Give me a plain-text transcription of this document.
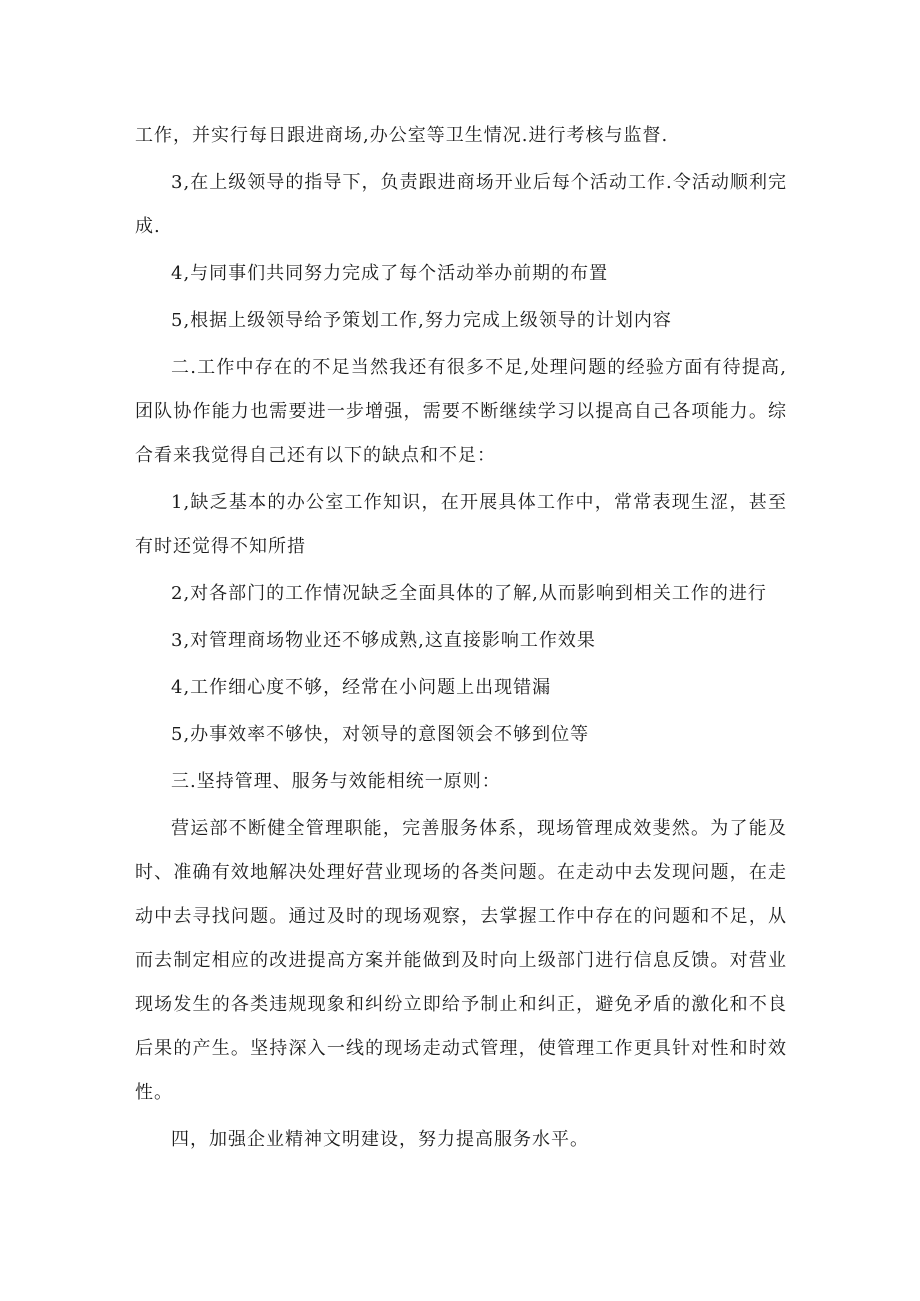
工作，并实行每日跟进商场,办公室等卫生情况.进行考核与监督.

3,在上级领导的指导下，负责跟进商场开业后每个活动工作.令活动顺利完成.

4,与同事们共同努力完成了每个活动举办前期的布置

5,根据上级领导给予策划工作,努力完成上级领导的计划内容

二.工作中存在的不足当然我还有很多不足,处理问题的经验方面有待提高,团队协作能力也需要进一步增强，需要不断继续学习以提高自己各项能力。综合看来我觉得自己还有以下的缺点和不足：

1,缺乏基本的办公室工作知识，在开展具体工作中，常常表现生涩，甚至有时还觉得不知所措

2,对各部门的工作情况缺乏全面具体的了解,从而影响到相关工作的进行

3,对管理商场物业还不够成熟,这直接影响工作效果

4,工作细心度不够，经常在小问题上出现错漏

5,办事效率不够快，对领导的意图领会不够到位等

三.坚持管理、服务与效能相统一原则：

营运部不断健全管理职能，完善服务体系，现场管理成效斐然。为了能及时、准确有效地解决处理好营业现场的各类问题。在走动中去发现问题，在走动中去寻找问题。通过及时的现场观察，去掌握工作中存在的问题和不足，从而去制定相应的改进提高方案并能做到及时向上级部门进行信息反馈。对营业现场发生的各类违规现象和纠纷立即给予制止和纠正，避免矛盾的激化和不良后果的产生。坚持深入一线的现场走动式管理，使管理工作更具针对性和时效性。

四，加强企业精神文明建设，努力提高服务水平。
